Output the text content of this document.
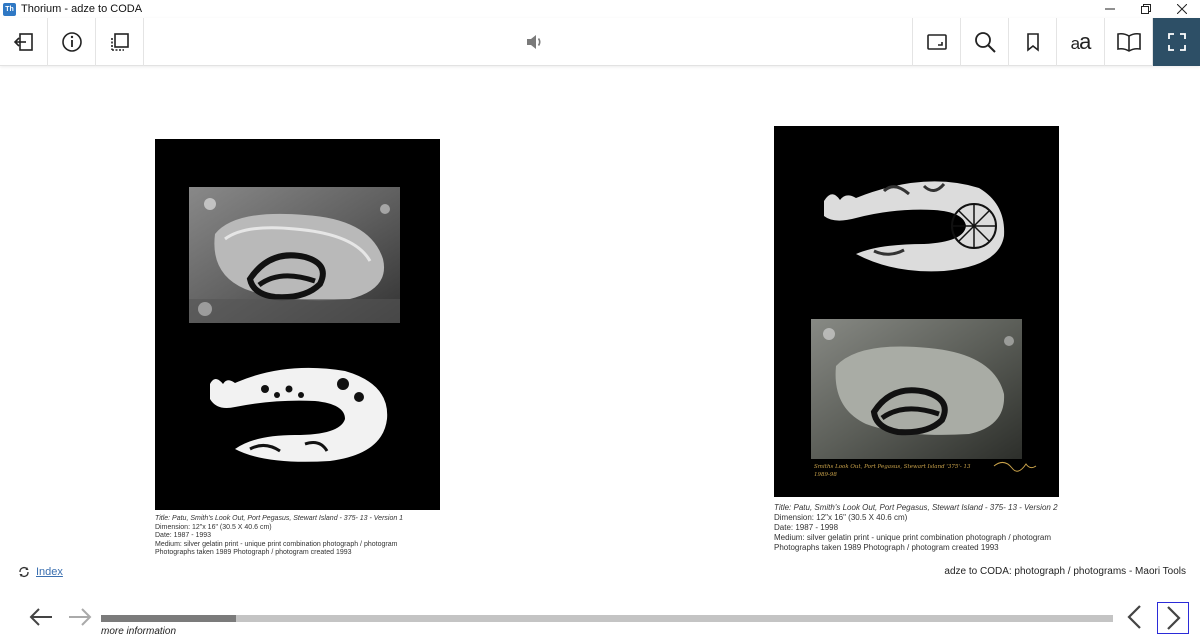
Th Thorium - adze to CODA
aa
Title: Patu, Smith's Look Out, Port Pegasus, Stewart Island - 375- 13 - Version 1
Dimension: 12"x 16" (30.5 X 40.6 cm)
Date: 1987 - 1993
Medium: silver gelatin print - unique print combination photograph / photogram
Photographs taken 1989 Photograph / photogram created 1993
Smiths Look Out, Port Pegasus, Stewart Island '375'- 13
1989-98
Title: Patu, Smith's Look Out, Port Pegasus, Stewart Island - 375- 13 - Version 2
Dimension: 12"x 16" (30.5 X 40.6 cm)
Date: 1987 - 1998
Medium: silver gelatin print - unique print combination photograph / photogram
Photographs taken 1989 Photograph / photogram created 1993
Index	adze to CODA: photograph / photograms - Maori Tools
more information
